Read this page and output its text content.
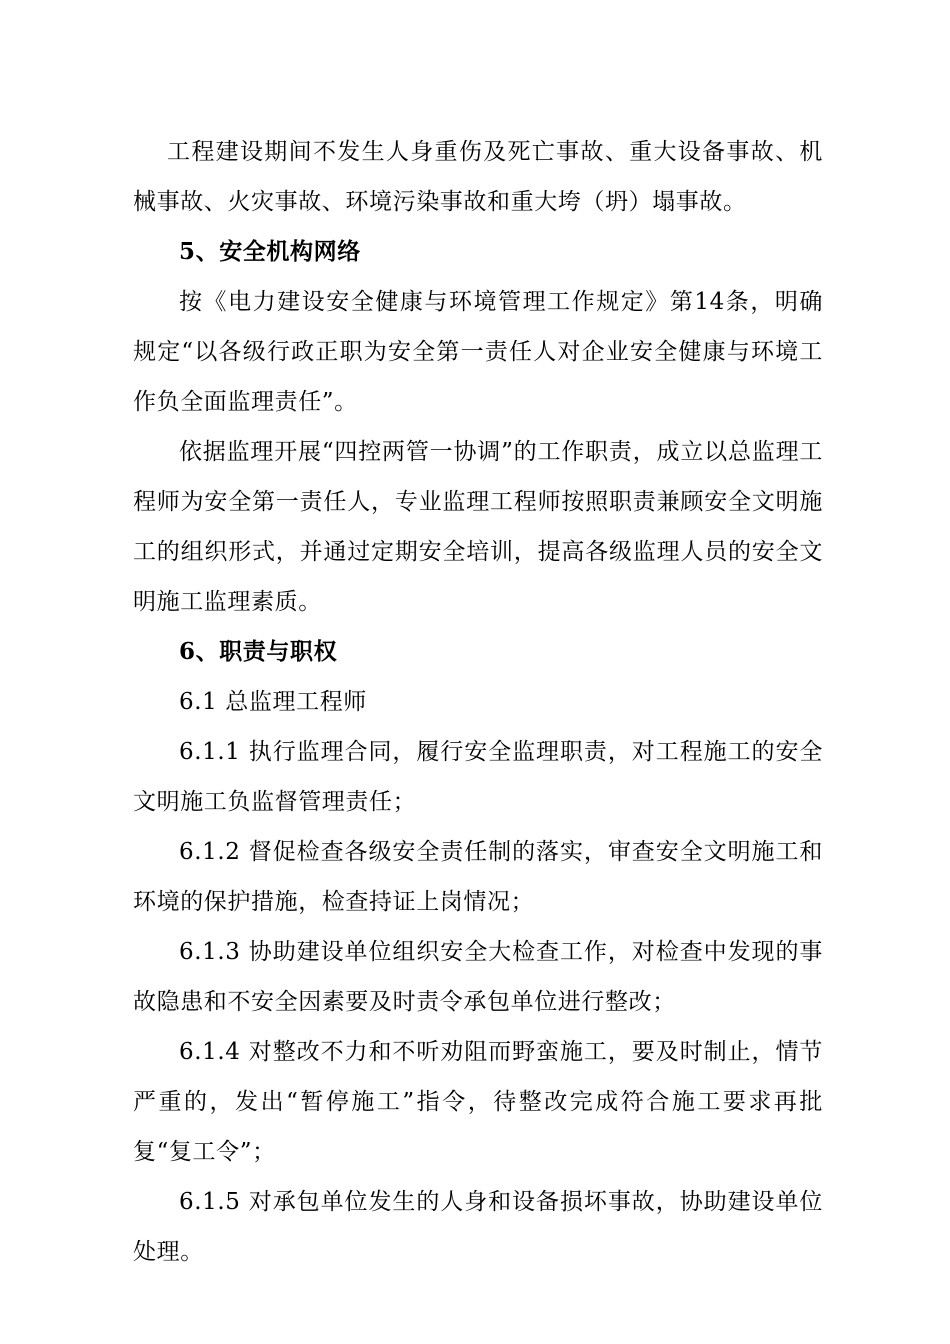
工程建设期间不发生人身重伤及死亡事故、重大设备事故、机械事故、火灾事故、环境污染事故和重大垮（坍）塌事故。

5、安全机构网络

按《电力建设安全健康与环境管理工作规定》第14条，明确规定“以各级行政正职为安全第一责任人对企业安全健康与环境工作负全面监理责任”。

依据监理开展“四控两管一协调”的工作职责，成立以总监理工程师为安全第一责任人，专业监理工程师按照职责兼顾安全文明施工的组织形式，并通过定期安全培训，提高各级监理人员的安全文明施工监理素质。

6、职责与职权

6.1 总监理工程师

6.1.1 执行监理合同，履行安全监理职责，对工程施工的安全文明施工负监督管理责任；

6.1.2 督促检查各级安全责任制的落实，审查安全文明施工和环境的保护措施，检查持证上岗情况；

6.1.3 协助建设单位组织安全大检查工作，对检查中发现的事故隐患和不安全因素要及时责令承包单位进行整改；

6.1.4 对整改不力和不听劝阻而野蛮施工，要及时制止，情节严重的，发出“暂停施工”指令，待整改完成符合施工要求再批复“复工令”；

6.1.5 对承包单位发生的人身和设备损坏事故，协助建设单位处理。
